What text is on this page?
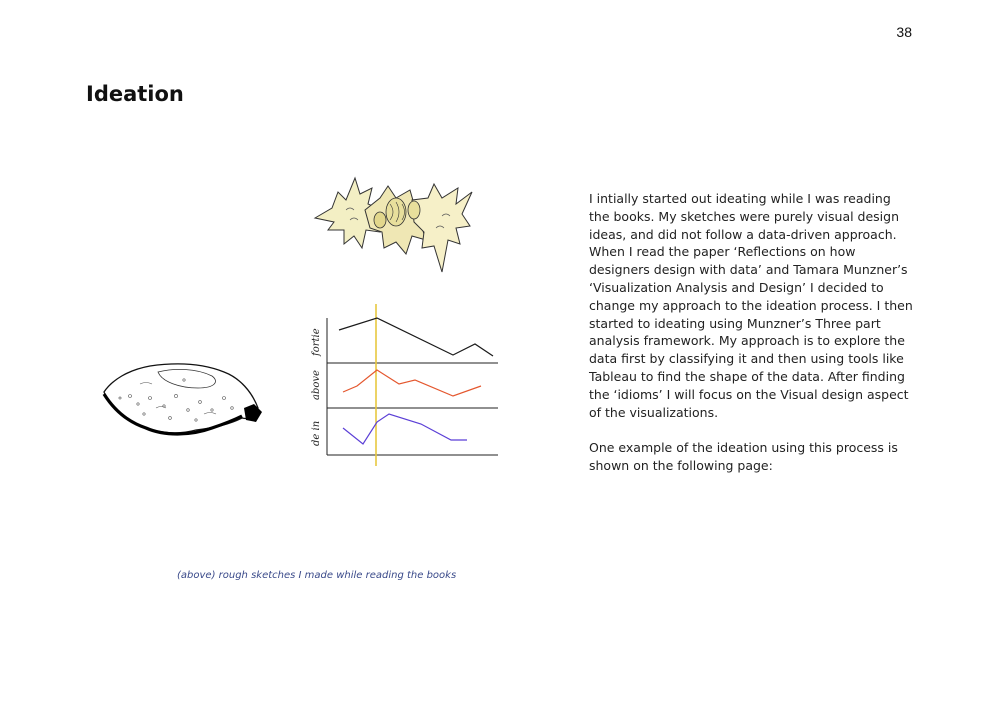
38
Ideation
fortie
above
de in

I intially started out ideating while I was reading the books. My sketches were purely visual design ideas, and did not follow a data-driven approach. When I read the paper ‘Reflections on how designers design with data’ and Tamara Munzner’s ‘Visualization Analysis and Design’ I decided to change my approach to the ideation process. I then started to ideating using Munzner’s Three part analysis framework. My approach is to explore the data first by classifying it and then using tools like Tableau to find the shape of the data. After finding the ‘idioms’ I will focus on the Visual design aspect of the visualizations.

One example of the ideation using this process is shown on the following page:

(above) rough sketches I made while reading the books
